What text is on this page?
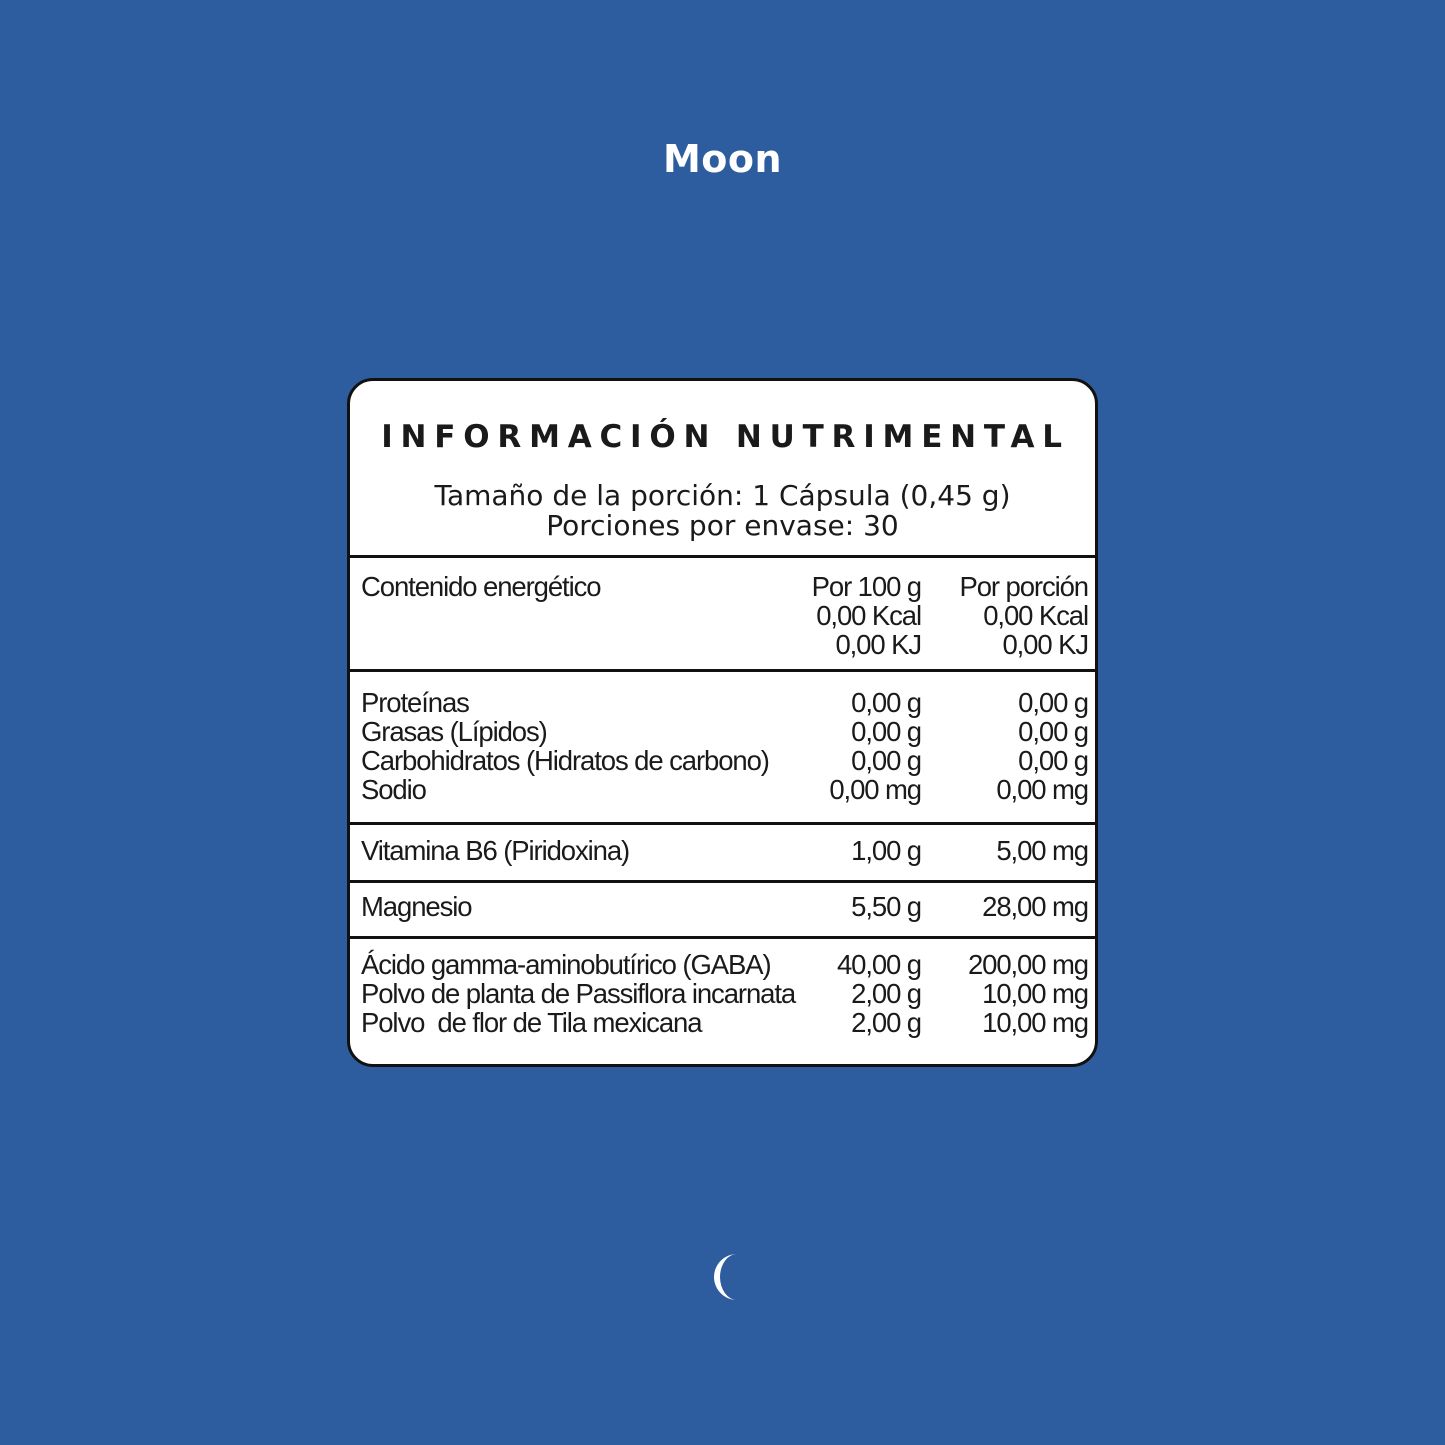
Moon
INFORMACIÓN NUTRIMENTAL
Tamaño de la porción: 1 Cápsula (0,45 g)
Porciones por envase: 30
Contenido energético	Por 100 g Por porción
0,00 Kcal 0,00 Kcal
0,00 KJ	0,00 KJ
Proteínas	0,00 g	0,00 g
Grasas (Lípidos)	0,00 g	0,00 g
Carbohidratos (Hidratos de carbono)	0,00 g	0,00 g
Sodio	0,00 mg	0,00 mg
Vitamina B6 (Piridoxina)	1,00 g	5,00 mg
Magnesio	5,50 g 28,00 mg
Ácido gamma-aminobutírico (GABA) 40,00 g 200,00 mg
Polvo de planta de Passiflora incarnata 2,00 g 10,00 mg
Polvo  de flor de Tila mexicana	2,00 g 10,00 mg
